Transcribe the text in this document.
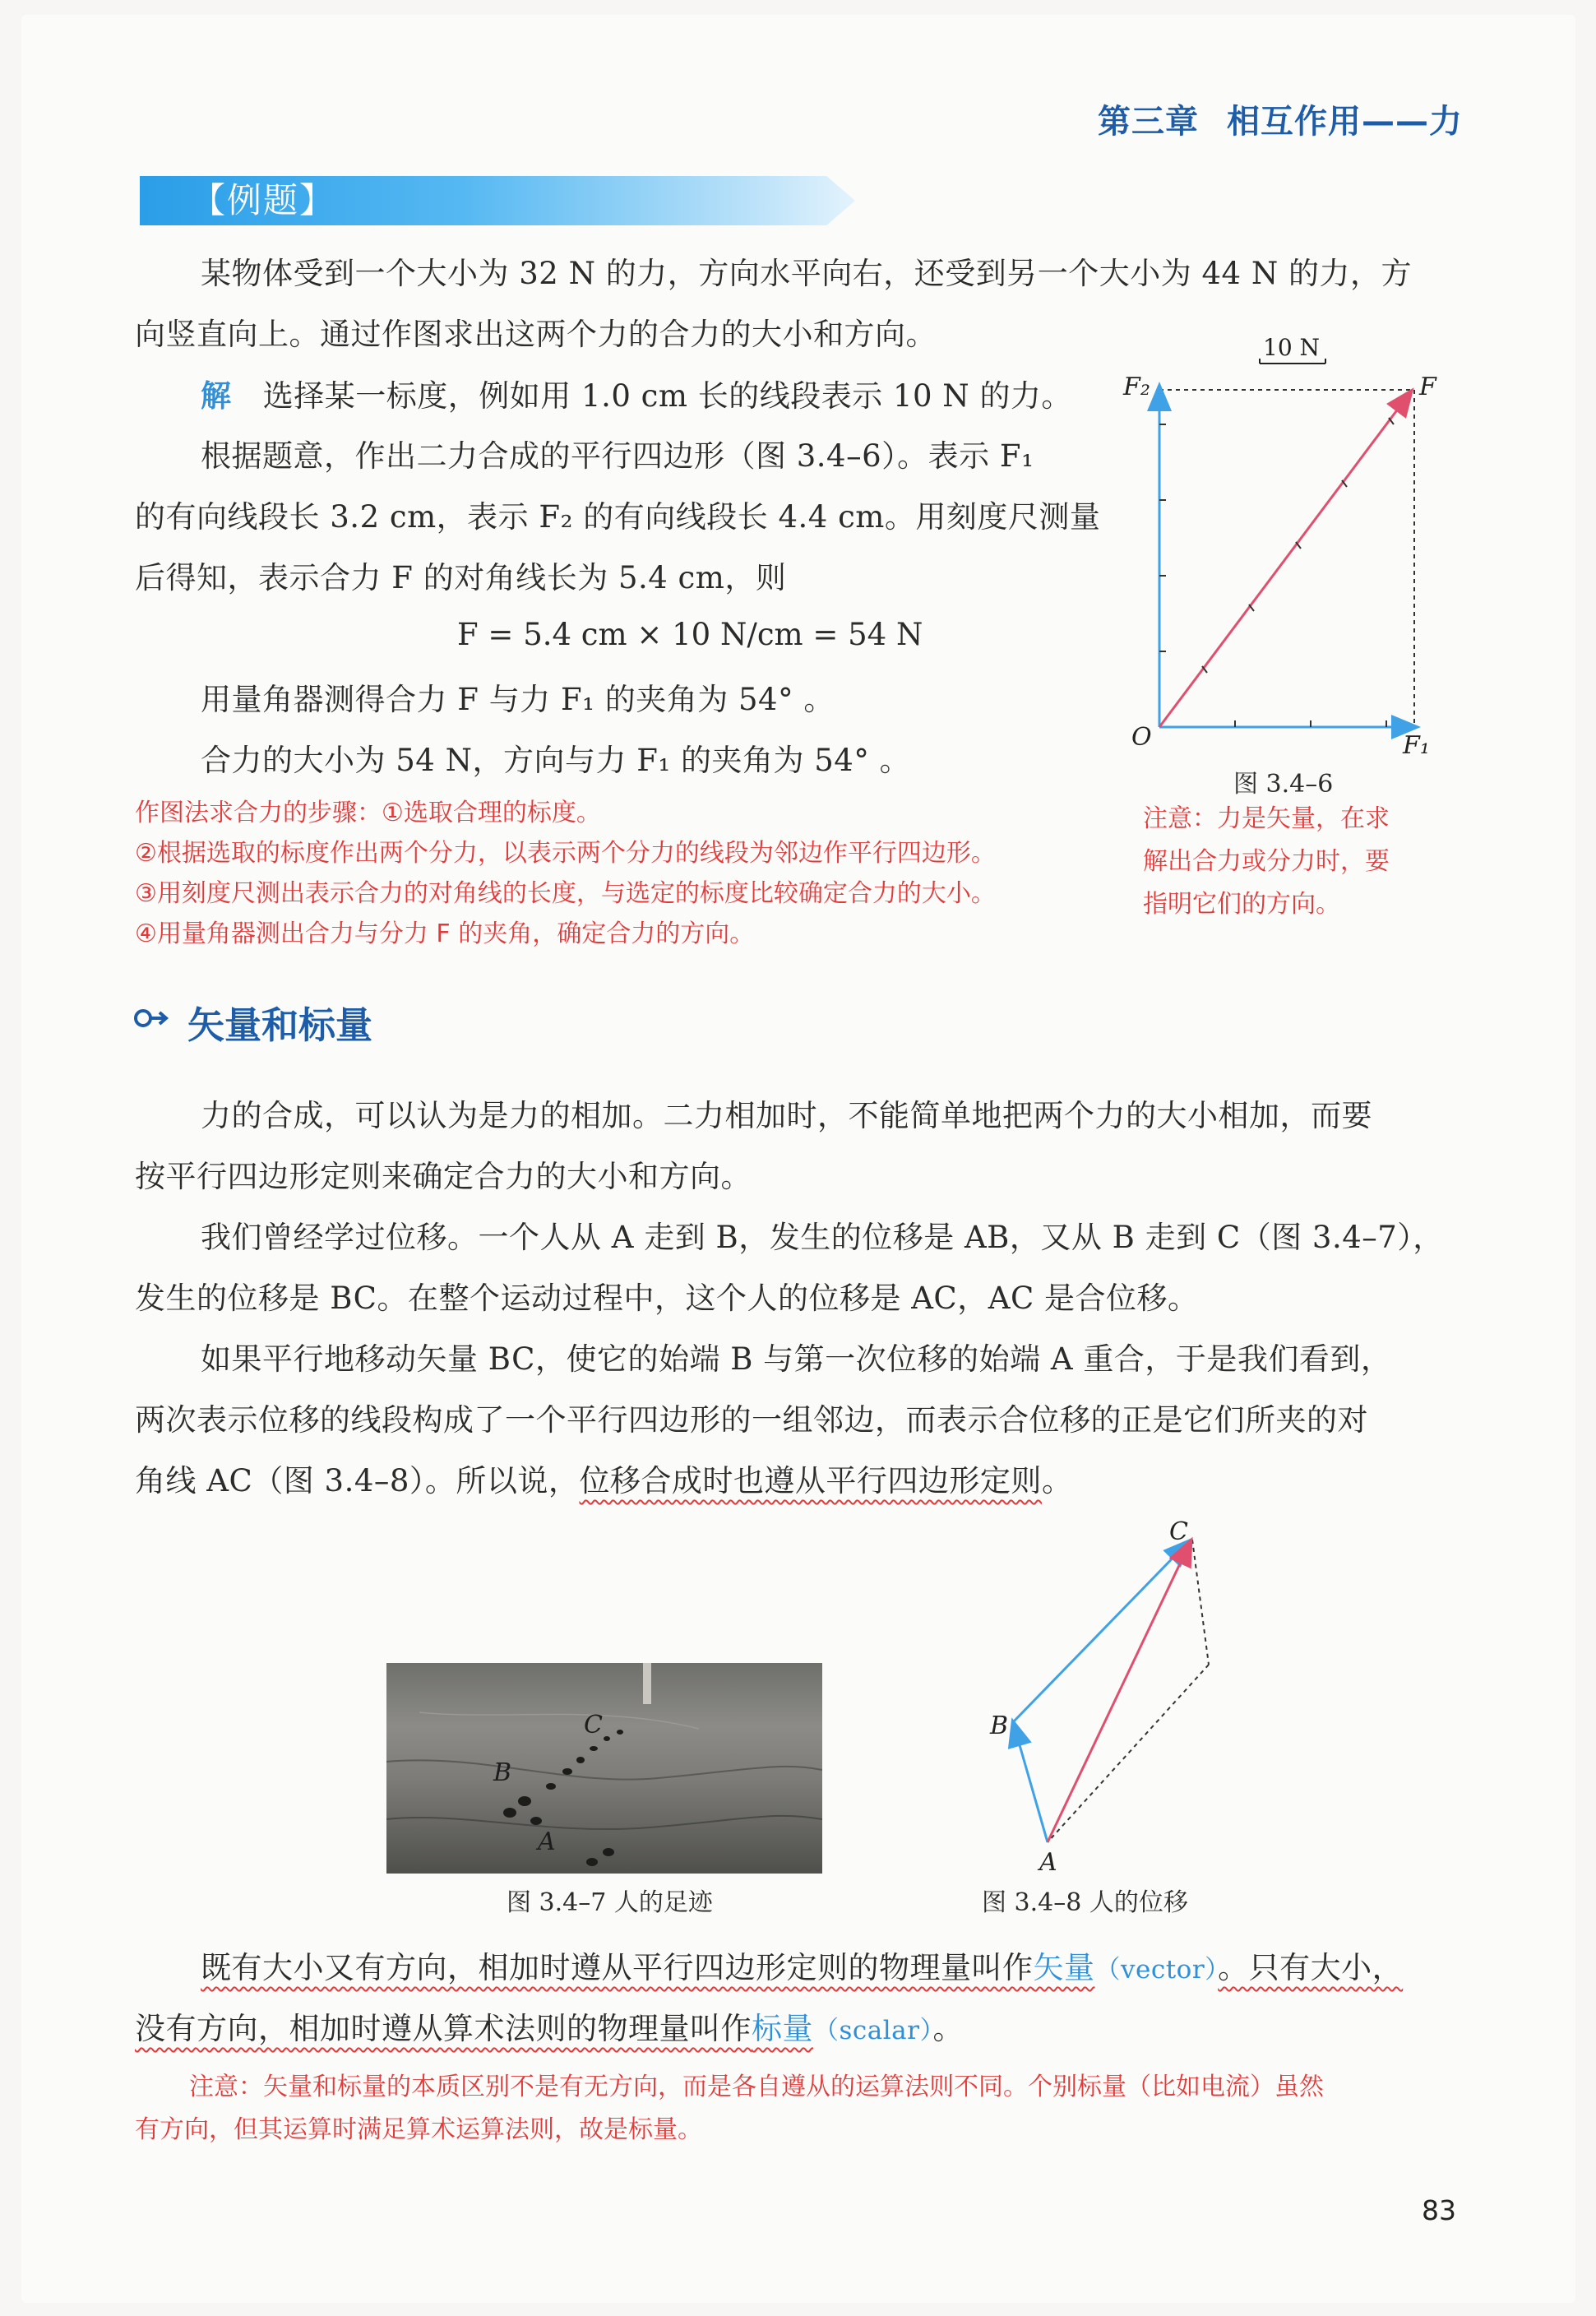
第三章 相互作用——力
【例题】
某物体受到一个大小为 32 N 的力，方向水平向右，还受到另一个大小为 44 N 的力，方
向竖直向上。通过作图求出这两个力的合力的大小和方向。
解 选择某一标度，例如用 1.0 cm 长的线段表示 10 N 的力。
根据题意，作出二力合成的平行四边形（图 3.4–6）。表示 F₁
的有向线段长 3.2 cm，表示 F₂ 的有向线段长 4.4 cm。用刻度尺测量
后得知，表示合力 F 的对角线长为 5.4 cm，则
F = 5.4 cm × 10 N/cm = 54 N
用量角器测得合力 F 与力 F₁ 的夹角为 54° 。
合力的大小为 54 N，方向与力 F₁ 的夹角为 54° 。
作图法求合力的步骤：①选取合理的标度。
②根据选取的标度作出两个分力，以表示两个分力的线段为邻边作平行四边形。
③用刻度尺测出表示合力的对角线的长度，与选定的标度比较确定合力的大小。
④用量角器测出合力与分力 F 的夹角，确定合力的方向。
10 N
F₂	F
O	F₁
图 3.4–6
注意：力是矢量，在求
解出合力或分力时，要
指明它们的方向。
矢量和标量
力的合成，可以认为是力的相加。二力相加时，不能简单地把两个力的大小相加，而要
按平行四边形定则来确定合力的大小和方向。
我们曾经学过位移。一个人从 A 走到 B，发生的位移是 AB，又从 B 走到 C（图 3.4–7），
发生的位移是 BC。在整个运动过程中，这个人的位移是 AC，AC 是合位移。
如果平行地移动矢量 BC，使它的始端 B 与第一次位移的始端 A 重合，于是我们看到，
两次表示位移的线段构成了一个平行四边形的一组邻边，而表示合位移的正是它们所夹的对
角线 AC（图 3.4–8）。所以说，位移合成时也遵从平行四边形定则。
C
B
A
图 3.4–7 人的足迹
C
B
A
图 3.4–8 人的位移
既有大小又有方向，相加时遵从平行四边形定则的物理量叫作矢量（vector）。只有大小，
没有方向，相加时遵从算术法则的物理量叫作标量（scalar）。
注意：矢量和标量的本质区别不是有无方向，而是各自遵从的运算法则不同。个别标量（比如电流）虽然
有方向，但其运算时满足算术运算法则，故是标量。
83
